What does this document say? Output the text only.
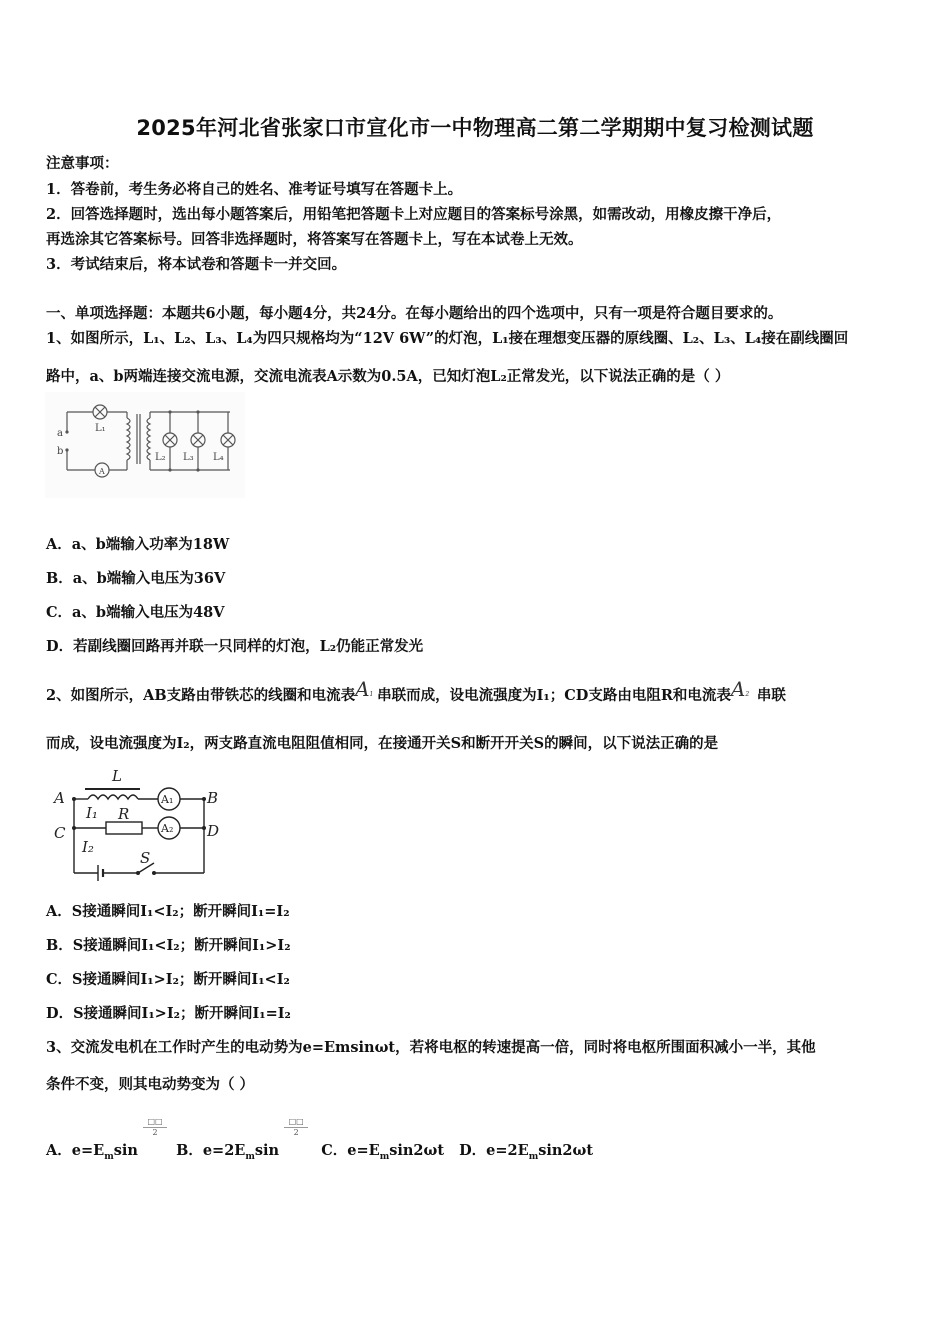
2025年河北省张家口市宣化市一中物理高二第二学期期中复习检测试题
注意事项：
1．答卷前，考生务必将自己的姓名、准考证号填写在答题卡上。
2．回答选择题时，选出每小题答案后，用铅笔把答题卡上对应题目的答案标号涂黑，如需改动，用橡皮擦干净后，
再选涂其它答案标号。回答非选择题时，将答案写在答题卡上，写在本试卷上无效。
3．考试结束后，将本试卷和答题卡一并交回。
一、单项选择题：本题共6小题，每小题4分，共24分。在每小题给出的四个选项中，只有一项是符合题目要求的。
1、如图所示，L₁、L₂、L₃、L₄为四只规格均为“12V 6W”的灯泡，L₁接在理想变压器的原线圈、L₂、L₃、L₄接在副线圈回
路中，a、b两端连接交流电源，交流电流表A示数为0.5A，已知灯泡L₂正常发光，以下说法正确的是（ ）
a
b
L₁
A
L₂ L₃ L₄
A．a、b端输入功率为18W
B．a、b端输入电压为36V
C．a、b端输入电压为48V
D．若副线圈回路再并联一只同样的灯泡，L₂仍能正常发光
2、如图所示，AB支路由带铁芯的线圈和电流表A1 串联而成，设电流强度为I₁；CD支路由电阻R和电流表A2 串联
而成，设电流强度为I₂，两支路直流电阻阻值相同，在接通开关S和断开开关S的瞬间，以下说法正确的是
A	B
C	D
L
R
I₁
I₂
S
A₁
A₂
A．S接通瞬间I₁<I₂；断开瞬间I₁=I₂
B．S接通瞬间I₁<I₂；断开瞬间I₁>I₂
C．S接通瞬间I₁>I₂；断开瞬间I₁<I₂
D．S接通瞬间I₁>I₂；断开瞬间I₁=I₂
3、交流发电机在工作时产生的电动势为e=Emsinωt，若将电枢的转速提高一倍，同时将电枢所围面积减小一半，其他
条件不变，则其电动势变为（ ）
A．$e=E_m\sin$
□□
2
B．$e=2E_m\sin$
□□
2
C．$e=E_m\sin 2\omega t$ D．$e=2E_m\sin 2\omega t$
